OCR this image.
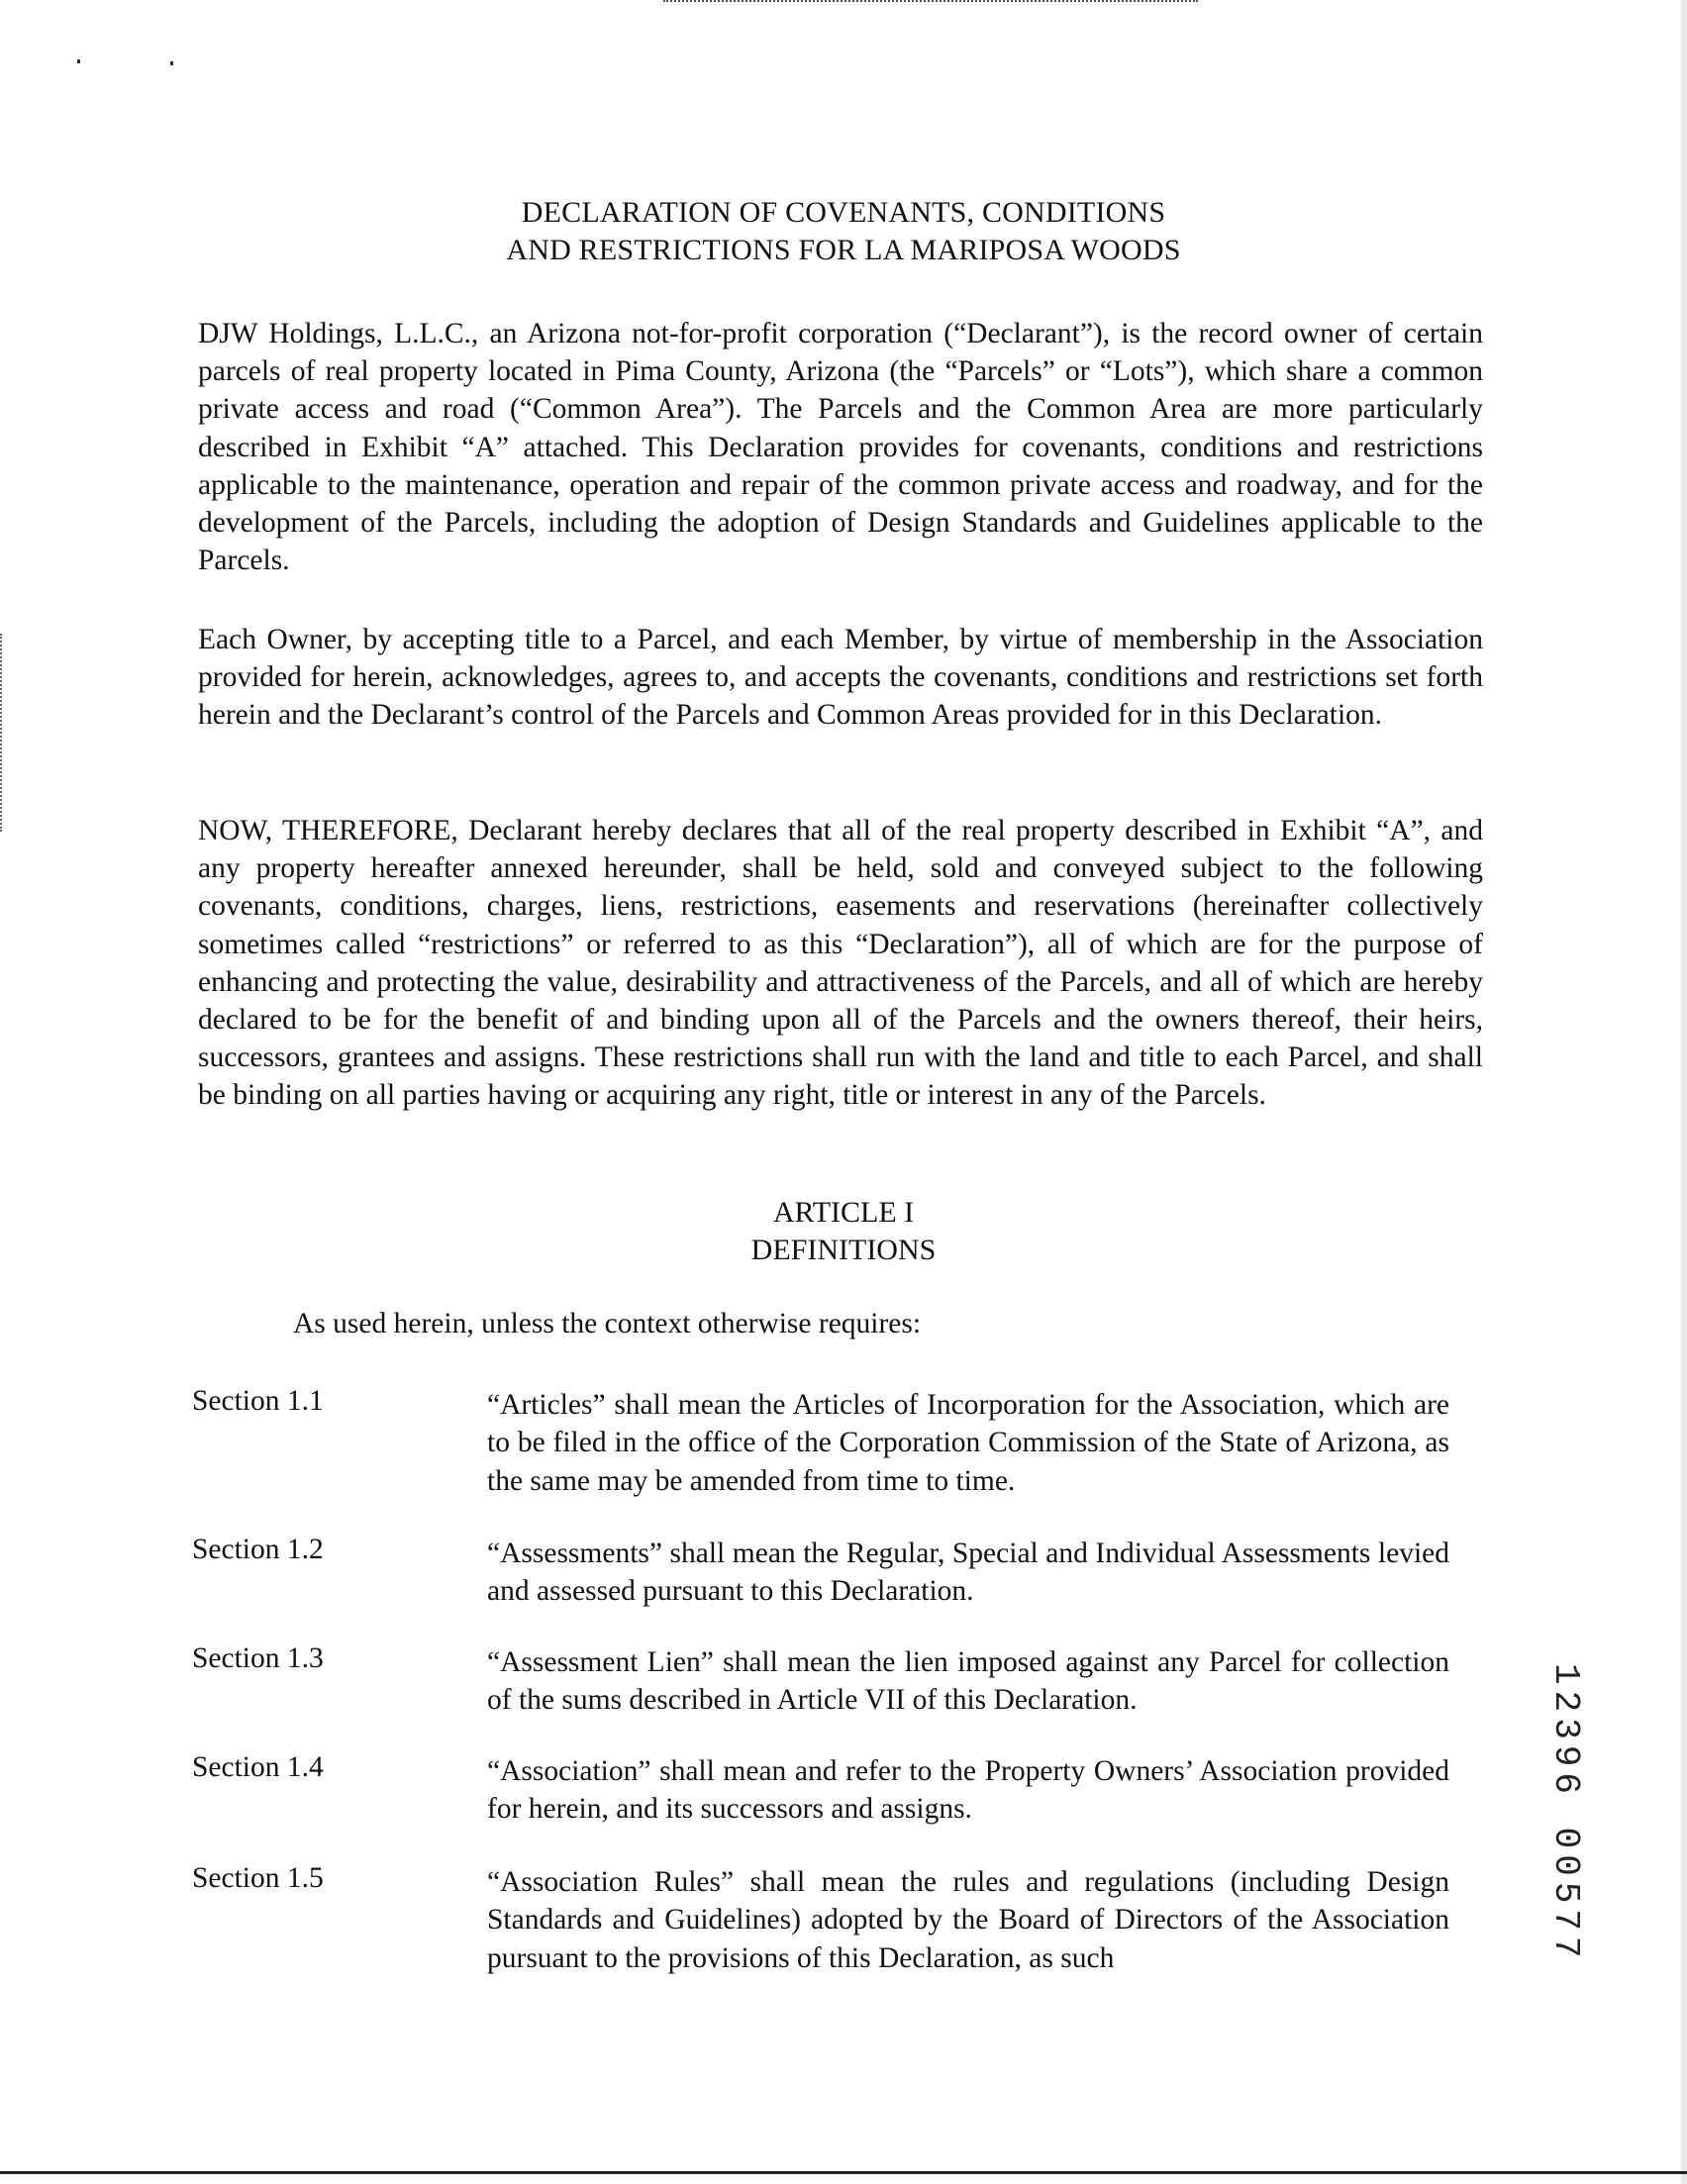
DECLARATION OF COVENANTS, CONDITIONS
AND RESTRICTIONS FOR LA MARIPOSA WOODS

DJW Holdings, L.L.C., an Arizona not-for-profit corporation (“Declarant”), is the record owner of certain parcels of real property located in Pima County, Arizona (the “Parcels” or “Lots”), which share a common private access and road (“Common Area”). The Parcels and the Common Area are more particularly described in Exhibit “A” attached. This Declaration provides for covenants, conditions and restrictions applicable to the maintenance, operation and repair of the common private access and roadway, and for the development of the Parcels, including the adoption of Design Standards and Guidelines applicable to the Parcels.

Each Owner, by accepting title to a Parcel, and each Member, by virtue of membership in the Association provided for herein, acknowledges, agrees to, and accepts the covenants, conditions and restrictions set forth herein and the Declarant’s control of the Parcels and Common Areas provided for in this Declaration.

NOW, THEREFORE, Declarant hereby declares that all of the real property described in Exhibit “A”, and any property hereafter annexed hereunder, shall be held, sold and conveyed subject to the following covenants, conditions, charges, liens, restrictions, easements and reservations (hereinafter collectively sometimes called “restrictions” or referred to as this “Declaration”), all of which are for the purpose of enhancing and protecting the value, desirability and attractiveness of the Parcels, and all of which are hereby declared to be for the benefit of and binding upon all of the Parcels and the owners thereof, their heirs, successors, grantees and assigns. These restrictions shall run with the land and title to each Parcel, and shall be binding on all parties having or acquiring any right, title or interest in any of the Parcels.

ARTICLE I
DEFINITIONS
As used herein, unless the context otherwise requires:
Section 1.1	“Articles” shall mean the Articles of Incorporation for the Association, which are to be filed in the office of the Corporation Commission of the State of Arizona, as the same may be amended from time to time.

Section 1.2	“Assessments” shall mean the Regular, Special and Individual Assessments levied and assessed pursuant to this Declaration.

Section 1.3	“Assessment Lien” shall mean the lien imposed against any Parcel for collection of the sums described in Article VII of this Declaration.

Section 1.4	“Association” shall mean and refer to the Property Owners’ Association provided for herein, and its successors and assigns.

Section 1.5	“Association Rules” shall mean the rules and regulations (including Design Standards and Guidelines) adopted by the Board of Directors of the Association pursuant to the provisions of this Declaration, as such	12396 00577
